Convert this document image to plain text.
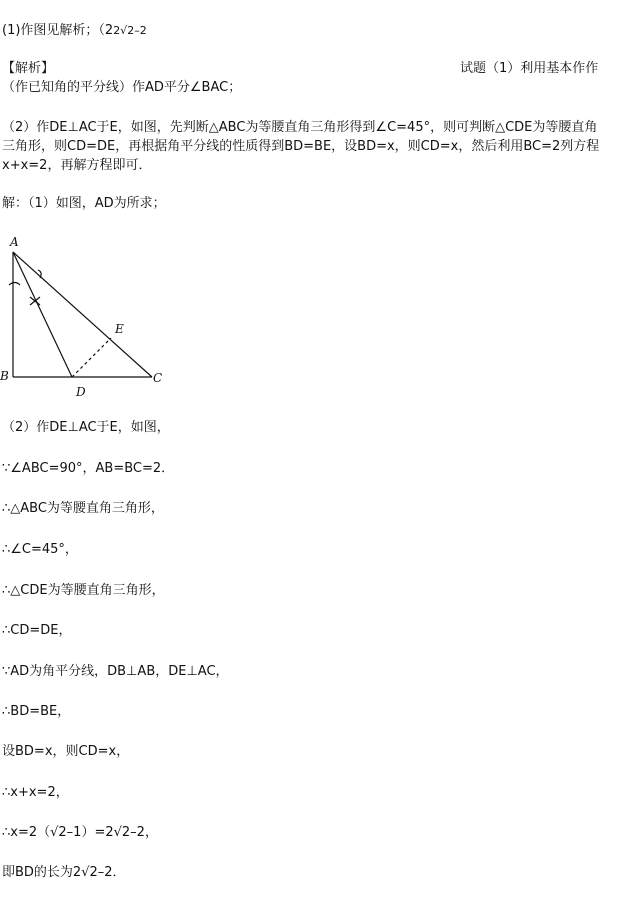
(1)作图见解析；（22√2–2
【解析】	试题（1）利用基本作作
（作已知角的平分线）作AD平分∠BAC；
（2）作DE⊥AC于E，如图，先判断△ABC为等腰直角三角形得到∠C=45°，则可判断△CDE为等腰直角
三角形，则CD=DE，再根据角平分线的性质得到BD=BE，设BD=x，则CD=x，然后利用BC=2列方程
x+x=2，再解方程即可．
解：（1）如图，AD为所求；
A
B	C
D
E
（2）作DE⊥AC于E，如图，
∵∠ABC=90°，AB=BC=2．
∴△ABC为等腰直角三角形，
∴∠C=45°，
∴△CDE为等腰直角三角形，
∴CD=DE，
∵AD为角平分线，DB⊥AB，DE⊥AC，
∴BD=BE，
设BD=x，则CD=x，
∴x+x=2，
∴x=2（√2–1）=2√2–2，
即BD的长为2√2–2．
